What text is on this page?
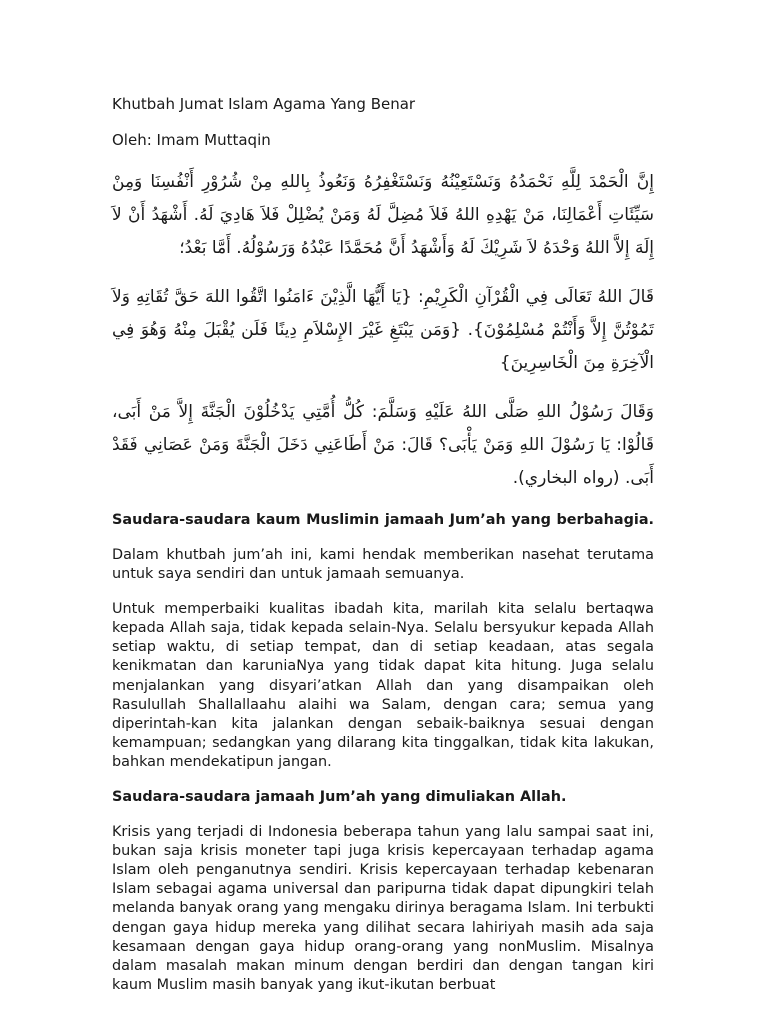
Khutbah Jumat Islam Agama Yang Benar
Oleh: Imam Muttaqin
إِنَّ الْحَمْدَ لِلَّهِ نَحْمَدُهُ وَنَسْتَعِيْنُهُ وَنَسْتَغْفِرُهُ وَنَعُوذُ بِاللهِ مِنْ شُرُوْرِ أَنْفُسِنَا وَمِنْ سَيِّئَاتِ أَعْمَالِنَا، مَنْ يَهْدِهِ اللهُ فَلاَ مُضِلَّ لَهُ وَمَنْ يُضْلِلْ فَلاَ هَادِيَ لَهُ. أَشْهَدُ أَنْ لاَ إِلَهَ إِلاَّ اللهُ وَحْدَهُ لاَ شَرِيْكَ لَهُ وَأَشْهَدُ أَنَّ مُحَمَّدًا عَبْدُهُ وَرَسُوْلُهُ. أَمَّا بَعْدُ؛
قَالَ اللهُ تَعَالَى فِي الْقُرْآنِ الْكَرِيْمِ: {يَا أَيُّهَا الَّذِيْنَ ءَامَنُوا اتَّقُوا اللهَ حَقَّ تُقَاتِهِ وَلاَ تَمُوْتُنَّ إِلاَّ وَأَنْتُمْ مُسْلِمُوْنَ}. {وَمَن يَبْتَغِ غَيْرَ الإِسْلاَمِ دِينًا فَلَن يُقْبَلَ مِنْهُ وَهُوَ فِي الْآخِرَةِ مِنَ الْخَاسِرِينَ}
وَقَالَ رَسُوْلُ اللهِ صَلَّى اللهُ عَلَيْهِ وَسَلَّمَ: كُلُّ أُمَّتِي يَدْخُلُوْنَ الْجَنَّةَ إِلاَّ مَنْ أَبَى، قَالُوْا: يَا رَسُوْلَ اللهِ وَمَنْ يَأْبَى؟ قَالَ: مَنْ أَطَاعَنِي دَخَلَ الْجَنَّةَ وَمَنْ عَصَانِي فَقَدْ أَبَى. (رواه البخاري).
Saudara-saudara kaum Muslimin jamaah Jum’ah yang berbahagia.
Dalam khutbah jum’ah ini, kami hendak memberikan nasehat terutama untuk saya sendiri dan untuk jamaah semuanya.
Untuk memperbaiki kualitas ibadah kita, marilah kita selalu bertaqwa kepada Allah saja, tidak kepada selain-Nya. Selalu bersyukur kepada Allah setiap waktu, di setiap tempat, dan di setiap keadaan, atas segala kenikmatan dan karuniaNya yang tidak dapat kita hitung. Juga selalu menjalankan yang disyari’atkan Allah dan yang disampaikan oleh Rasulullah Shallallaahu alaihi wa Salam, dengan cara; semua yang diperintah-kan kita jalankan dengan sebaik-baiknya sesuai dengan kemampuan; sedangkan yang dilarang kita tinggalkan, tidak kita lakukan, bahkan mendekatipun jangan.
Saudara-saudara jamaah Jum’ah yang dimuliakan Allah.
Krisis yang terjadi di Indonesia beberapa tahun yang lalu sampai saat ini, bukan saja krisis moneter tapi juga krisis kepercayaan terhadap agama Islam oleh penganutnya sendiri. Krisis kepercayaan terhadap kebenaran Islam sebagai agama universal dan paripurna tidak dapat dipungkiri telah melanda banyak orang yang mengaku dirinya beragama Islam. Ini terbukti dengan gaya hidup mereka yang dilihat secara lahiriyah masih ada saja kesamaan dengan gaya hidup orang-orang yang nonMuslim. Misalnya dalam masalah makan minum dengan berdiri dan dengan tangan kiri kaum Muslim masih banyak yang ikut-ikutan berbuat
